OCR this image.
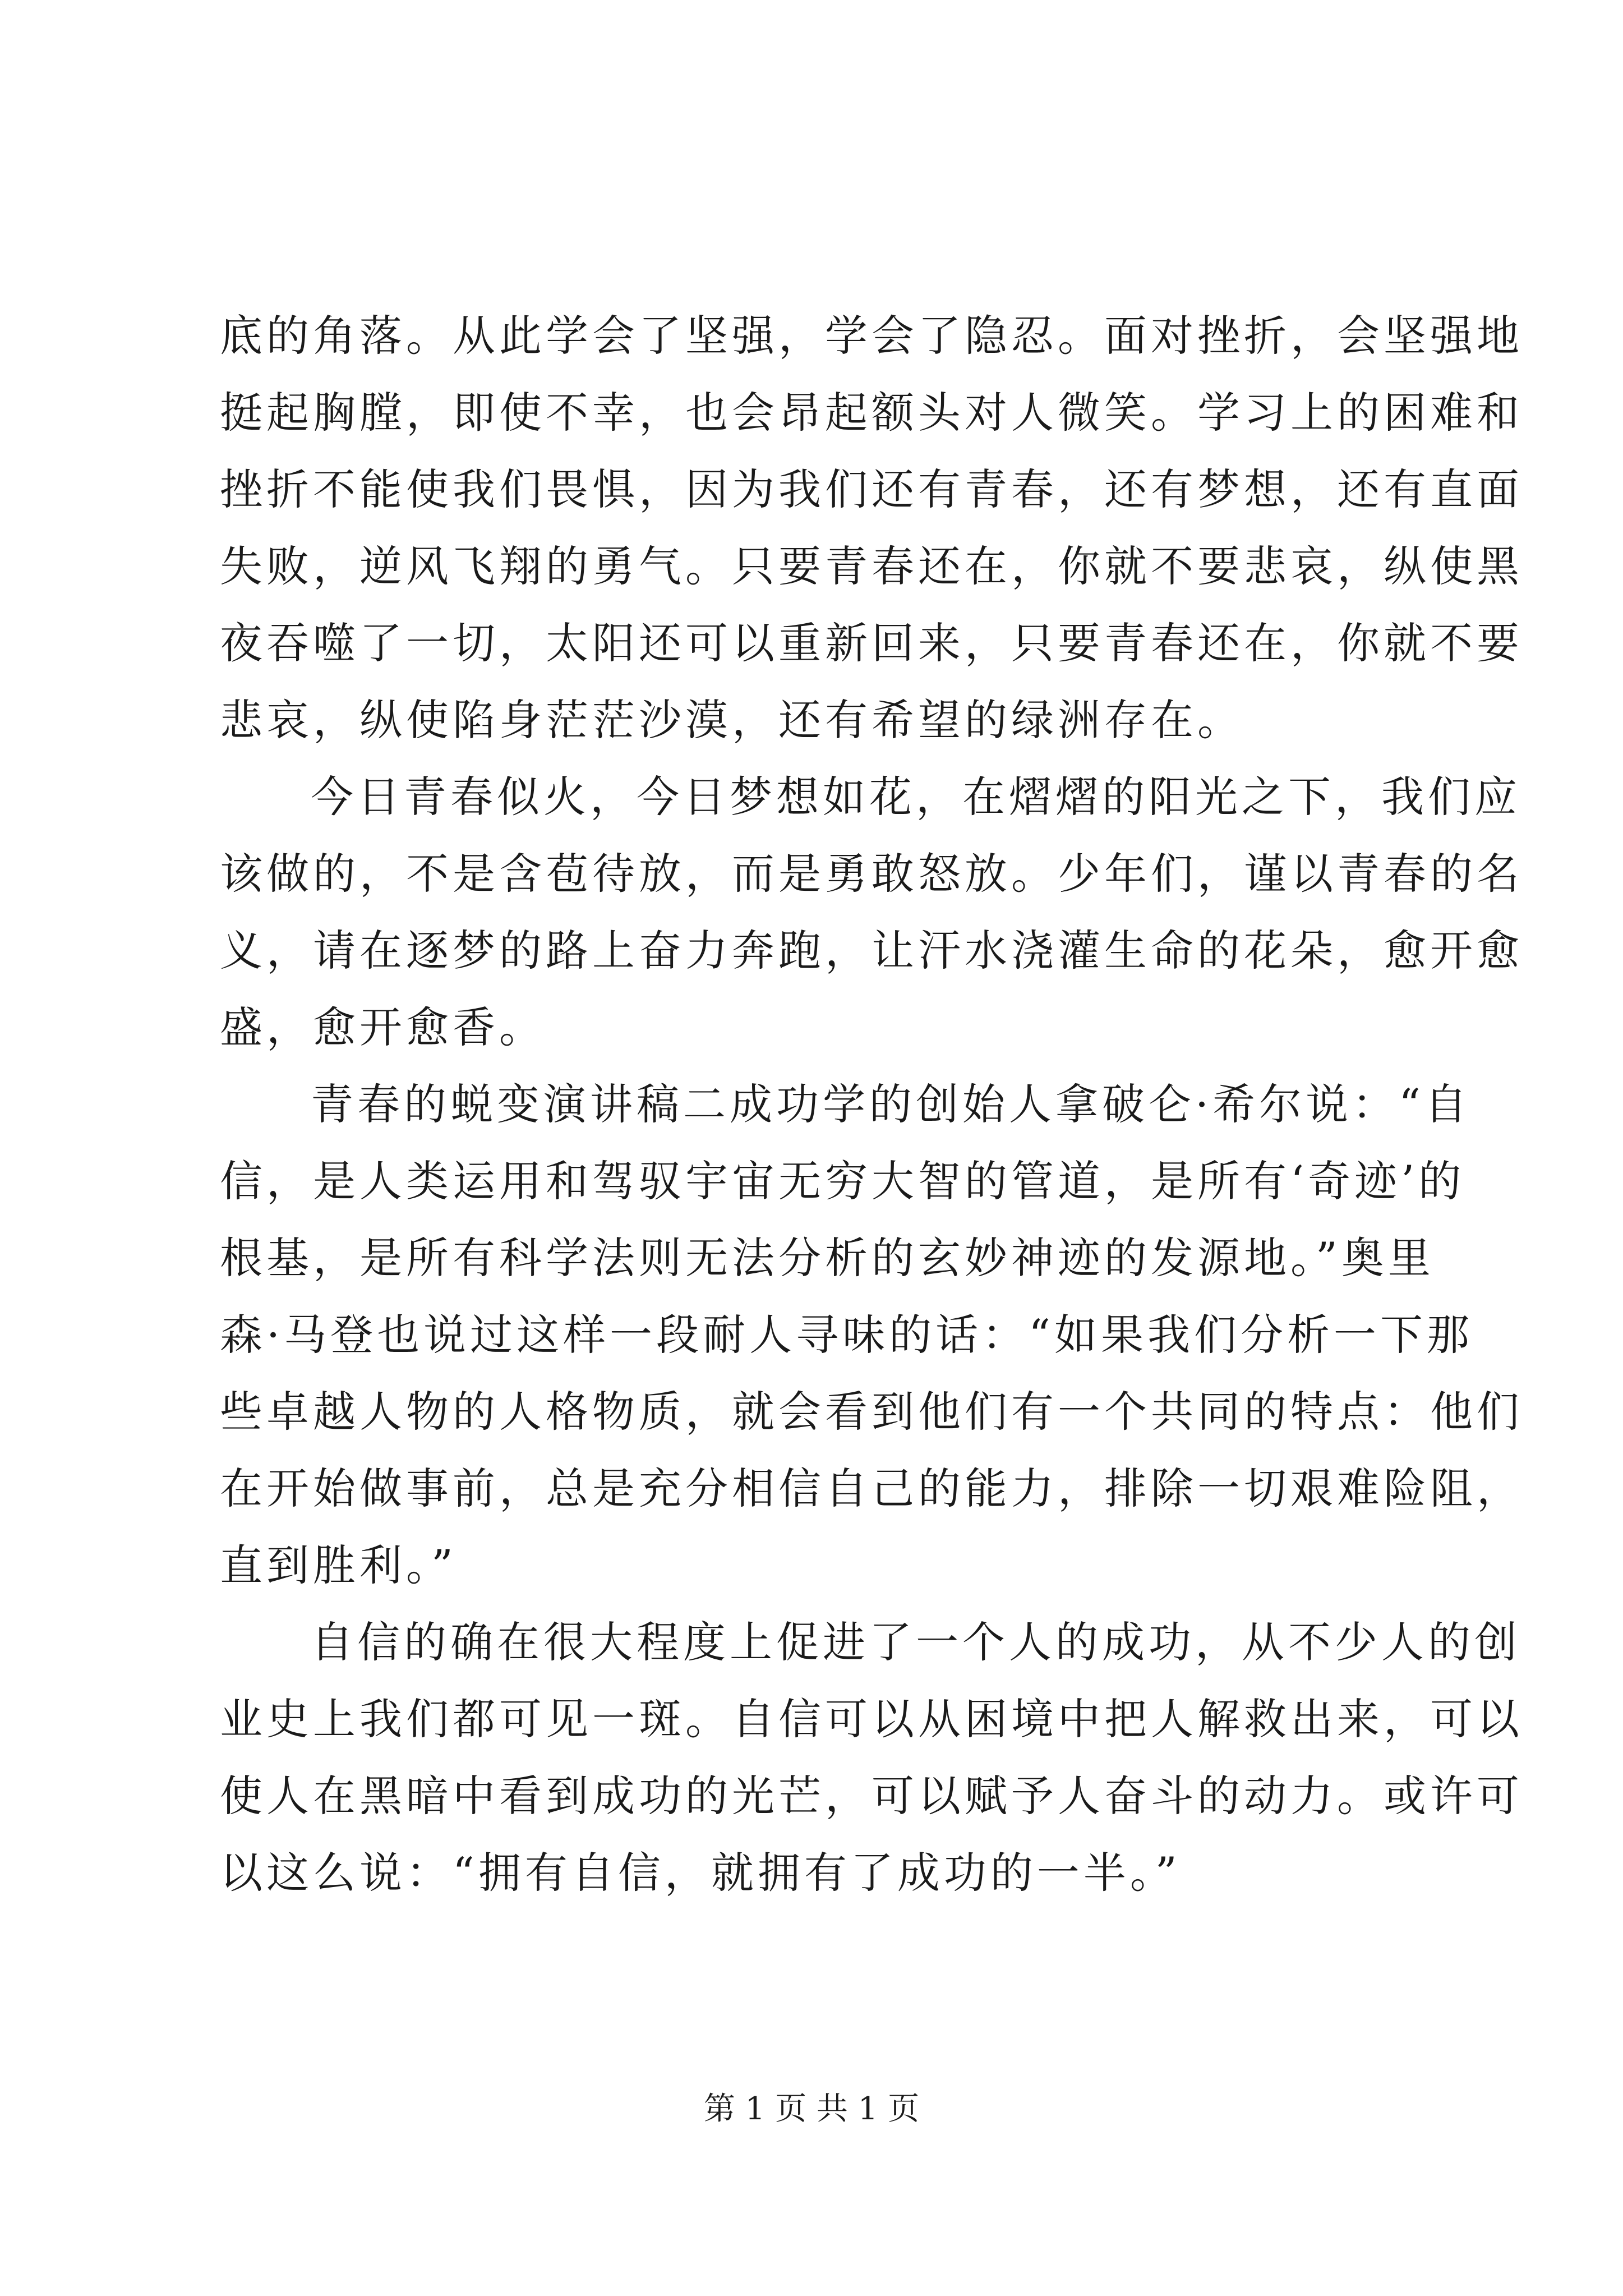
底的角落。从此学会了坚强，学会了隐忍。面对挫折，会坚强地
挺起胸膛，即使不幸，也会昂起额头对人微笑。学习上的困难和
挫折不能使我们畏惧，因为我们还有青春，还有梦想，还有直面
失败，逆风飞翔的勇气。只要青春还在，你就不要悲哀，纵使黑
夜吞噬了一切，太阳还可以重新回来，只要青春还在，你就不要
悲哀，纵使陷身茫茫沙漠，还有希望的绿洲存在。
今日青春似火，今日梦想如花，在熠熠的阳光之下，我们应
该做的，不是含苞待放，而是勇敢怒放。少年们，谨以青春的名
义，请在逐梦的路上奋力奔跑，让汗水浇灌生命的花朵，愈开愈
盛，愈开愈香。
青春的蜕变演讲稿二成功学的创始人拿破仑·希尔说：“自
信，是人类运用和驾驭宇宙无穷大智的管道，是所有‘奇迹’的
根基，是所有科学法则无法分析的玄妙神迹的发源地。”奥里
森·马登也说过这样一段耐人寻味的话：“如果我们分析一下那
些卓越人物的人格物质，就会看到他们有一个共同的特点：他们
在开始做事前，总是充分相信自己的能力，排除一切艰难险阻，
直到胜利。”
自信的确在很大程度上促进了一个人的成功，从不少人的创
业史上我们都可见一斑。自信可以从困境中把人解救出来，可以
使人在黑暗中看到成功的光芒，可以赋予人奋斗的动力。或许可
以这么说：“拥有自信，就拥有了成功的一半。”
第 1 页 共 1 页
